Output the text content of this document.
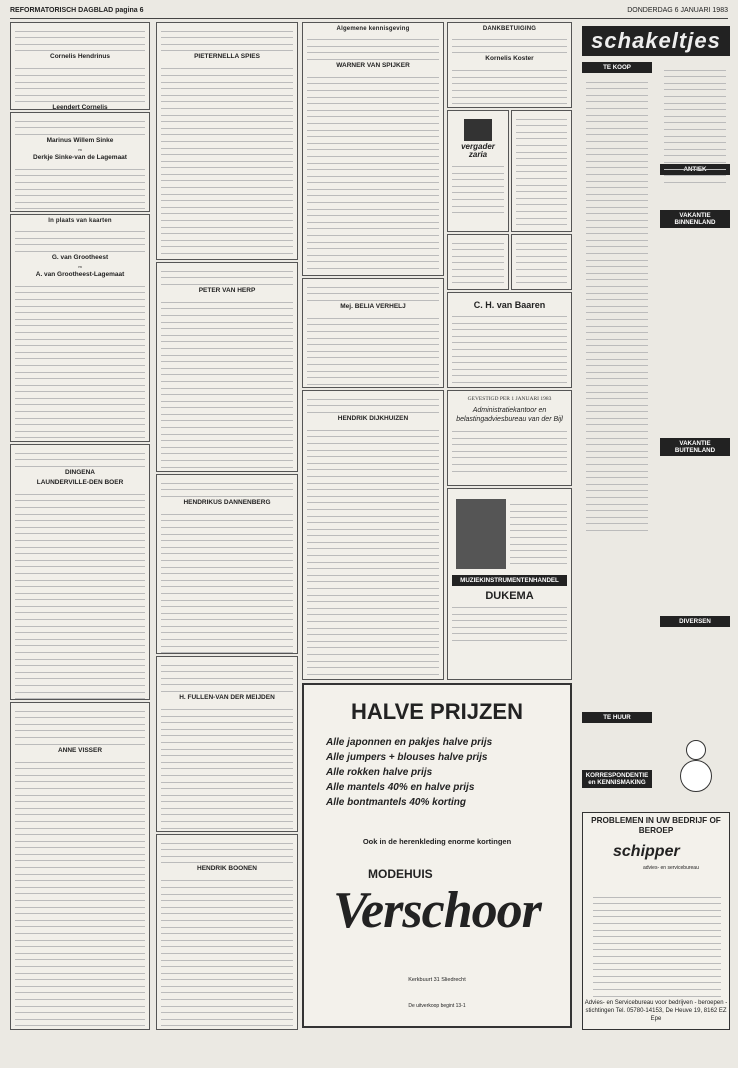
REFORMATORISCH DAGBLAD pagina 6	DONDERDAG 6 JANUARI 1983
Cornelis Hendrinus
Leendert Cornelis
Marinus Willem Sinke
en
Derkje Sinke-van de Lagemaat
In plaats van kaarten
G. van Grootheest
en
A. van Grootheest-Lagemaat
DINGENA
LAUNDERVILLE-DEN BOER
ANNE VISSER
PIETERNELLA SPIES
PETER VAN HERP
HENDRIKUS DANNENBERG
H. FULLEN-VAN DER MEIJDEN
HENDRIK BOONEN
Algemene kennisgeving
WARNER VAN SPIJKER
Mej. BELIA VERHELJ
HENDRIK DIJKHUIZEN
DANKBETUIGING
Kornelis Koster
vergader zaria
C. H. van Baaren
GEVESTIGD PER 1 JANUARI 1983
Administratiekantoor en belastingadviesbureau van der Bijl
MUZIEKINSTRUMENTENHANDEL
DUKEMA
HALVE PRIJZEN
Alle japonnen en pakjes halve prijs
Alle jumpers + blouses halve prijs
Alle rokken halve prijs
Alle mantels 40% en halve prijs
Alle bontmantels 40% korting
Ook in de herenkleding enorme kortingen
MODEHUIS
Verschoor
Kerkbuurt 31 Sliedrecht
De uitverkoop begint 13-1
schakeltjes
TE KOOP
ANTIEK
VAKANTIE BINNENLAND
VAKANTIE BUITENLAND
DIVERSEN
TE HUUR
KORRESPONDENTIE en KENNISMAKING
PROBLEMEN IN UW BEDRIJF OF BEROEP
schipper
advies- en servicebureau
Advies- en Servicebureau voor bedrijven - beroepen - stichtingen Tel. 05780-14153, De Heuve 19, 8162 EZ Epe
